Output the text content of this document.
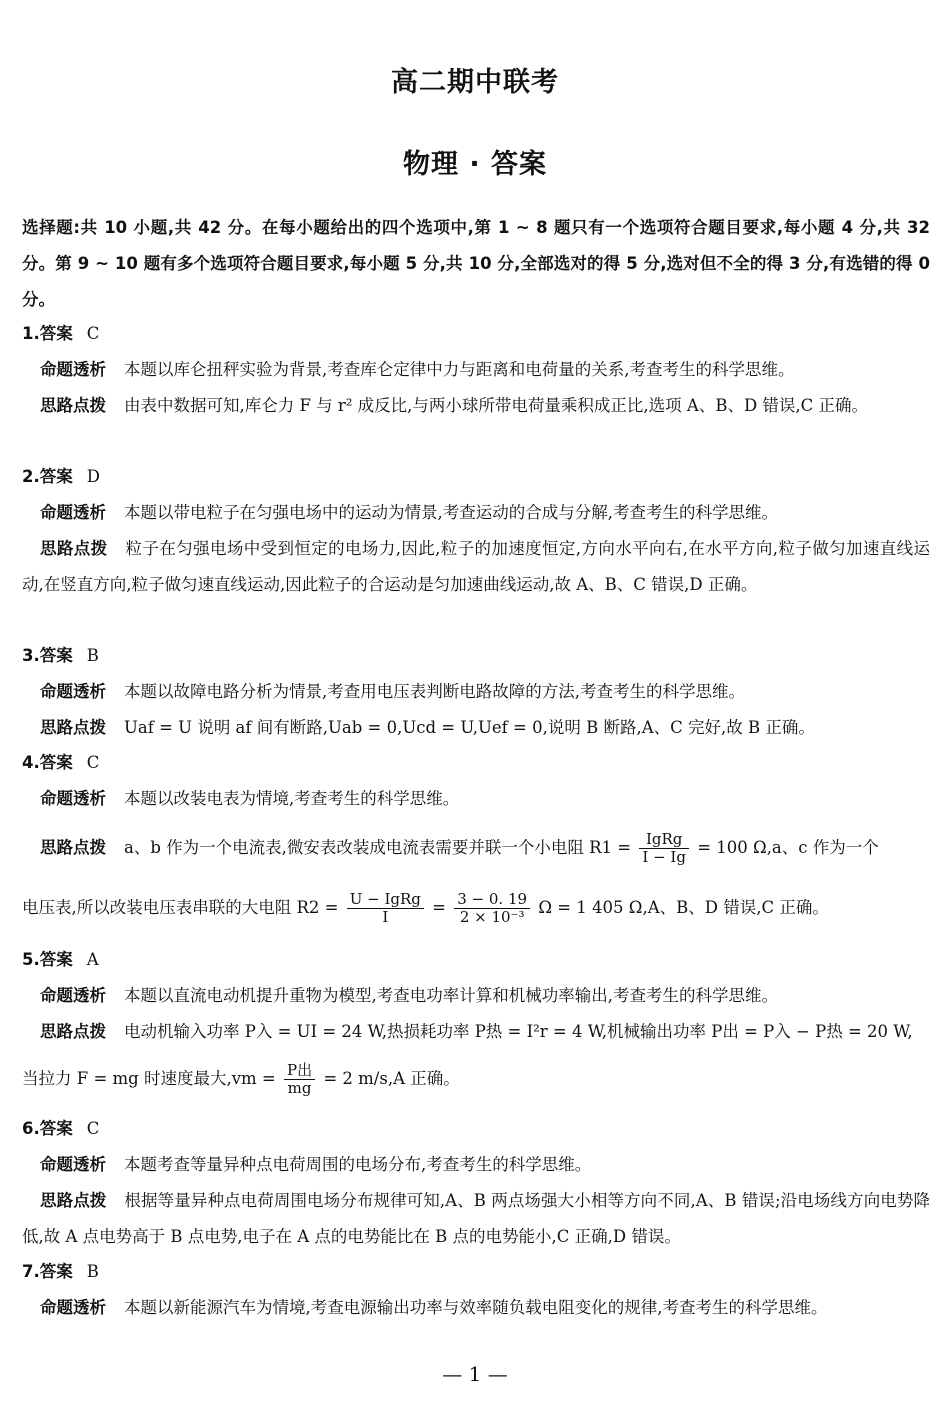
高二期中联考
物理 · 答案
选择题:共 10 小题,共 42 分。在每小题给出的四个选项中,第 1 ~ 8 题只有一个选项符合题目要求,每小题 4 分,共 32 分。第 9 ~ 10 题有多个选项符合题目要求,每小题 5 分,共 10 分,全部选对的得 5 分,选对但不全的得 3 分,有选错的得 0 分。
1.答案 C
命题透析 本题以库仑扭秤实验为背景,考查库仑定律中力与距离和电荷量的关系,考查考生的科学思维。
思路点拨 由表中数据可知,库仑力 F 与 r² 成反比,与两小球所带电荷量乘积成正比,选项 A、B、D 错误,C 正确。
2.答案 D
命题透析 本题以带电粒子在匀强电场中的运动为情景,考查运动的合成与分解,考查考生的科学思维。
思路点拨 粒子在匀强电场中受到恒定的电场力,因此,粒子的加速度恒定,方向水平向右,在水平方向,粒子做匀加速直线运动,在竖直方向,粒子做匀速直线运动,因此粒子的合运动是匀加速曲线运动,故 A、B、C 错误,D 正确。
3.答案 B
命题透析 本题以故障电路分析为情景,考查用电压表判断电路故障的方法,考查考生的科学思维。
思路点拨 Uaf = U 说明 af 间有断路,Uab = 0,Ucd = U,Uef = 0,说明 B 断路,A、C 完好,故 B 正确。
4.答案 C
命题透析 本题以改装电表为情境,考查考生的科学思维。
思路点拨 a、b 作为一个电流表,微安表改装成电流表需要并联一个小电阻 $R1 = \frac{\text{IgRg}}{I - Ig} = 100$ Ω,a、c 作为一个
电压表,所以改装电压表串联的大电阻 $R2 = \frac{\text{U − IgRg}}{I} = \frac{3 - 0. 19}{\text{2 × 10⁻³}}$ Ω = 1 405 Ω,A、B、D 错误,C 正确。
5.答案 A
命题透析 本题以直流电动机提升重物为模型,考查电功率计算和机械功率输出,考查考生的科学思维。
思路点拨 电动机输入功率 P入 = UI = 24 W,热损耗功率 P热 = I²r = 4 W,机械输出功率 P出 = P入 − P热 = 20 W,
当拉力 F = mg 时速度最大$,vm = \frac{\text{P出}}{mg} = 2$ m/s,A 正确。
6.答案 C
命题透析 本题考查等量异种点电荷周围的电场分布,考查考生的科学思维。
思路点拨 根据等量异种点电荷周围电场分布规律可知,A、B 两点场强大小相等方向不同,A、B 错误;沿电场线方向电势降低,故 A 点电势高于 B 点电势,电子在 A 点的电势能比在 B 点的电势能小,C 正确,D 错误。
7.答案 B
命题透析 本题以新能源汽车为情境,考查电源输出功率与效率随负载电阻变化的规律,考查考生的科学思维。
— 1 —
